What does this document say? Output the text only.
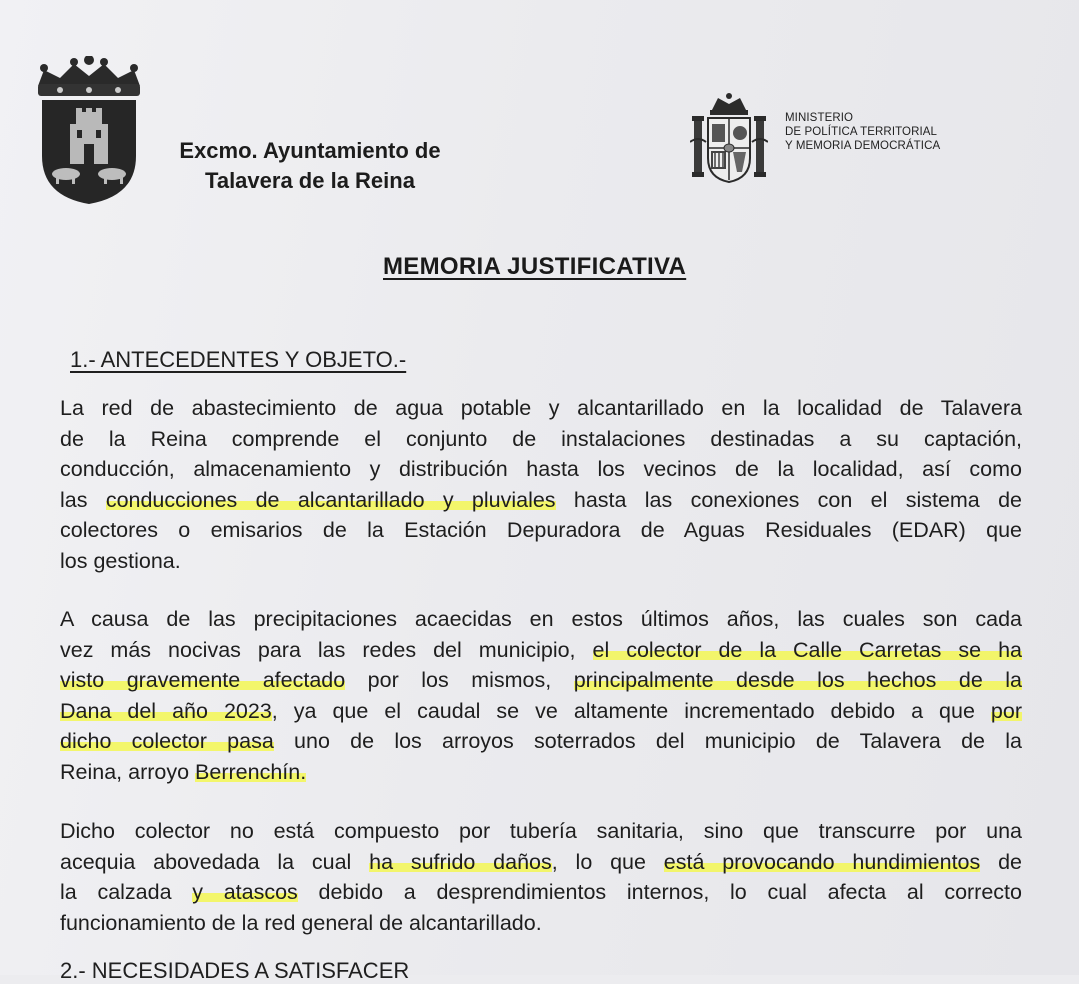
Excmo. Ayuntamiento de
Talavera de la Reina
MINISTERIO
DE POLÍTICA TERRITORIAL
Y MEMORIA DEMOCRÁTICA
MEMORIA JUSTIFICATIVA
1.- ANTECEDENTES Y OBJETO.-
La red de abastecimiento de agua potable y alcantarillado en la localidad de Talavera
de la Reina comprende el conjunto de instalaciones destinadas a su captación,
conducción, almacenamiento y distribución hasta los vecinos de la localidad, así como
las conducciones de alcantarillado y pluviales hasta las conexiones con el sistema de
colectores o emisarios de la Estación Depuradora de Aguas Residuales (EDAR) que
los gestiona.
A causa de las precipitaciones acaecidas en estos últimos años, las cuales son cada
vez más nocivas para las redes del municipio, el colector de la Calle Carretas se ha
visto gravemente afectado por los mismos, principalmente desde los hechos de la
Dana del año 2023, ya que el caudal se ve altamente incrementado debido a que por
dicho colector pasa uno de los arroyos soterrados del municipio de Talavera de la
Reina, arroyo Berrenchín.
Dicho colector no está compuesto por tubería sanitaria, sino que transcurre por una
acequia abovedada la cual ha sufrido daños, lo que está provocando hundimientos de
la calzada y atascos debido a desprendimientos internos, lo cual afecta al correcto
funcionamiento de la red general de alcantarillado.
2.- NECESIDADES A SATISFACER
